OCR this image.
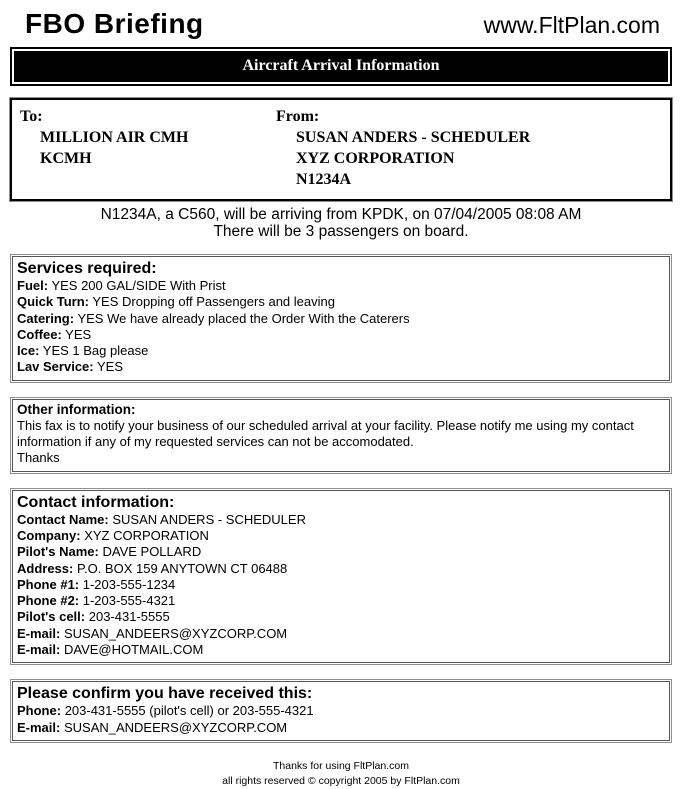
FBO Briefing	www.FltPlan.com
Aircraft Arrival Information
To:
MILLION AIR CMH
KCMH
From:
SUSAN ANDERS - SCHEDULER
XYZ CORPORATION
N1234A
N1234A, a C560, will be arriving from KPDK, on 07/04/2005 08:08 AM
There will be 3 passengers on board.
Services required:
Fuel: YES 200 GAL/SIDE With Prist
Quick Turn: YES Dropping off Passengers and leaving
Catering: YES We have already placed the Order With the Caterers
Coffee: YES
Ice: YES 1 Bag please
Lav Service: YES
Other information:
This fax is to notify your business of our scheduled arrival at your facility. Please notify me using my contact information if any of my requested services can not be accomodated.
Thanks
Contact information:
Contact Name: SUSAN ANDERS - SCHEDULER
Company: XYZ CORPORATION
Pilot's Name: DAVE POLLARD
Address: P.O. BOX 159 ANYTOWN CT 06488
Phone #1: 1-203-555-1234
Phone #2: 1-203-555-4321
Pilot's cell: 203-431-5555
E-mail: SUSAN_ANDEERS@XYZCORP.COM
E-mail: DAVE@HOTMAIL.COM
Please confirm you have received this:
Phone: 203-431-5555 (pilot's cell) or 203-555-4321
E-mail: SUSAN_ANDEERS@XYZCORP.COM
Thanks for using FltPlan.com
all rights reserved © copyright 2005 by FltPlan.com
